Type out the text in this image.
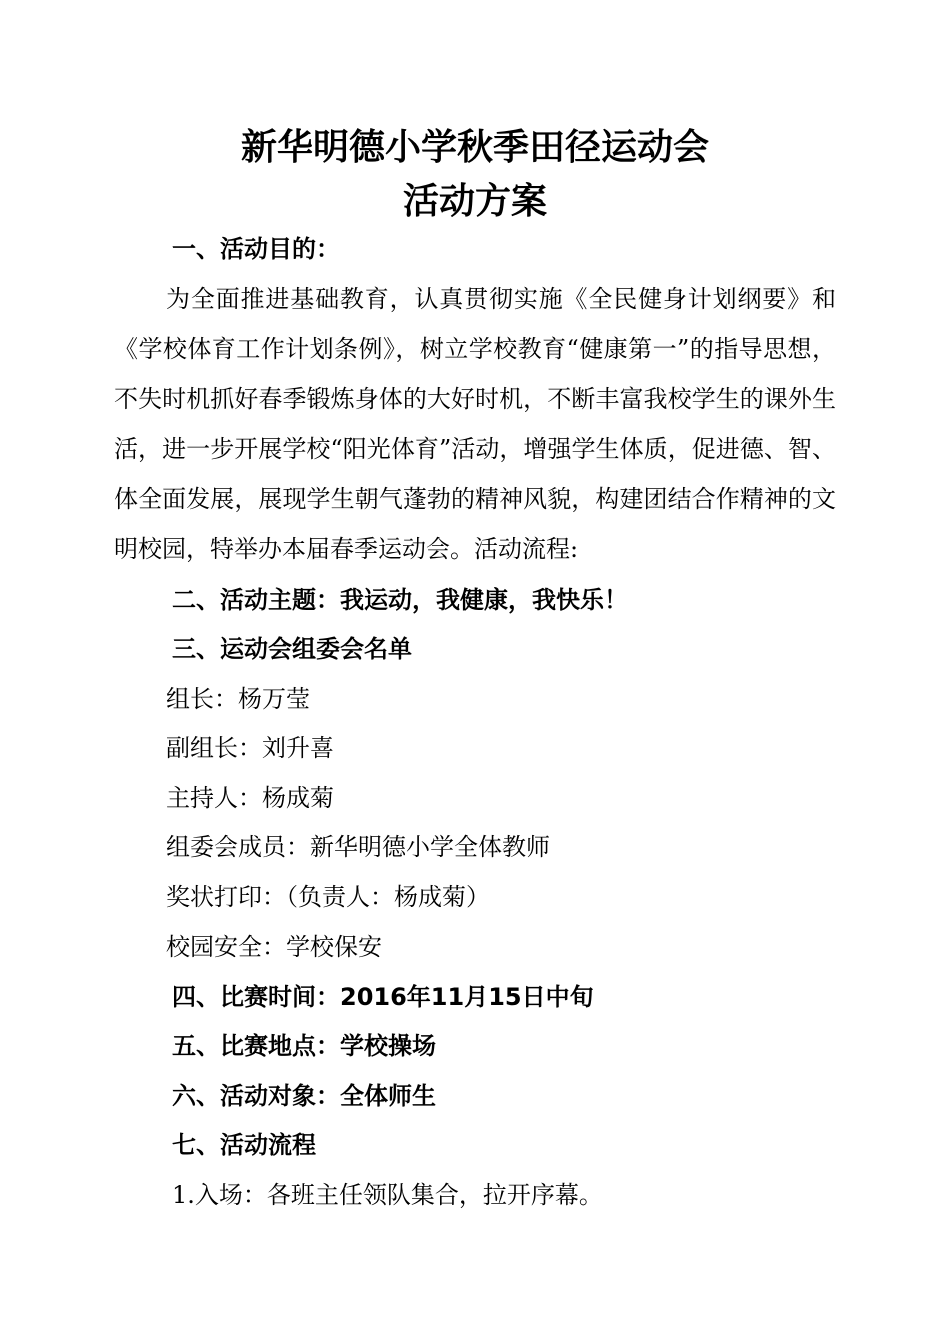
新华明德小学秋季田径运动会
活动方案
一、活动目的：
为全面推进基础教育，认真贯彻实施《全民健身计划纲要》和《学校体育工作计划条例》，树立学校教育“健康第一”的指导思想，不失时机抓好春季锻炼身体的大好时机，不断丰富我校学生的课外生活，进一步开展学校“阳光体育”活动，增强学生体质，促进德、智、体全面发展，展现学生朝气蓬勃的精神风貌，构建团结合作精神的文明校园，特举办本届春季运动会。活动流程:
二、活动主题：我运动，我健康，我快乐！
三、运动会组委会名单
组长：杨万莹
副组长：刘升喜
主持人：杨成菊
组委会成员：新华明德小学全体教师
奖状打印：（负责人：杨成菊）
校园安全：学校保安
四、比赛时间：2016年11月15日中旬
五、比赛地点：学校操场
六、活动对象：全体师生
七、活动流程
1.入场：各班主任领队集合，拉开序幕。
